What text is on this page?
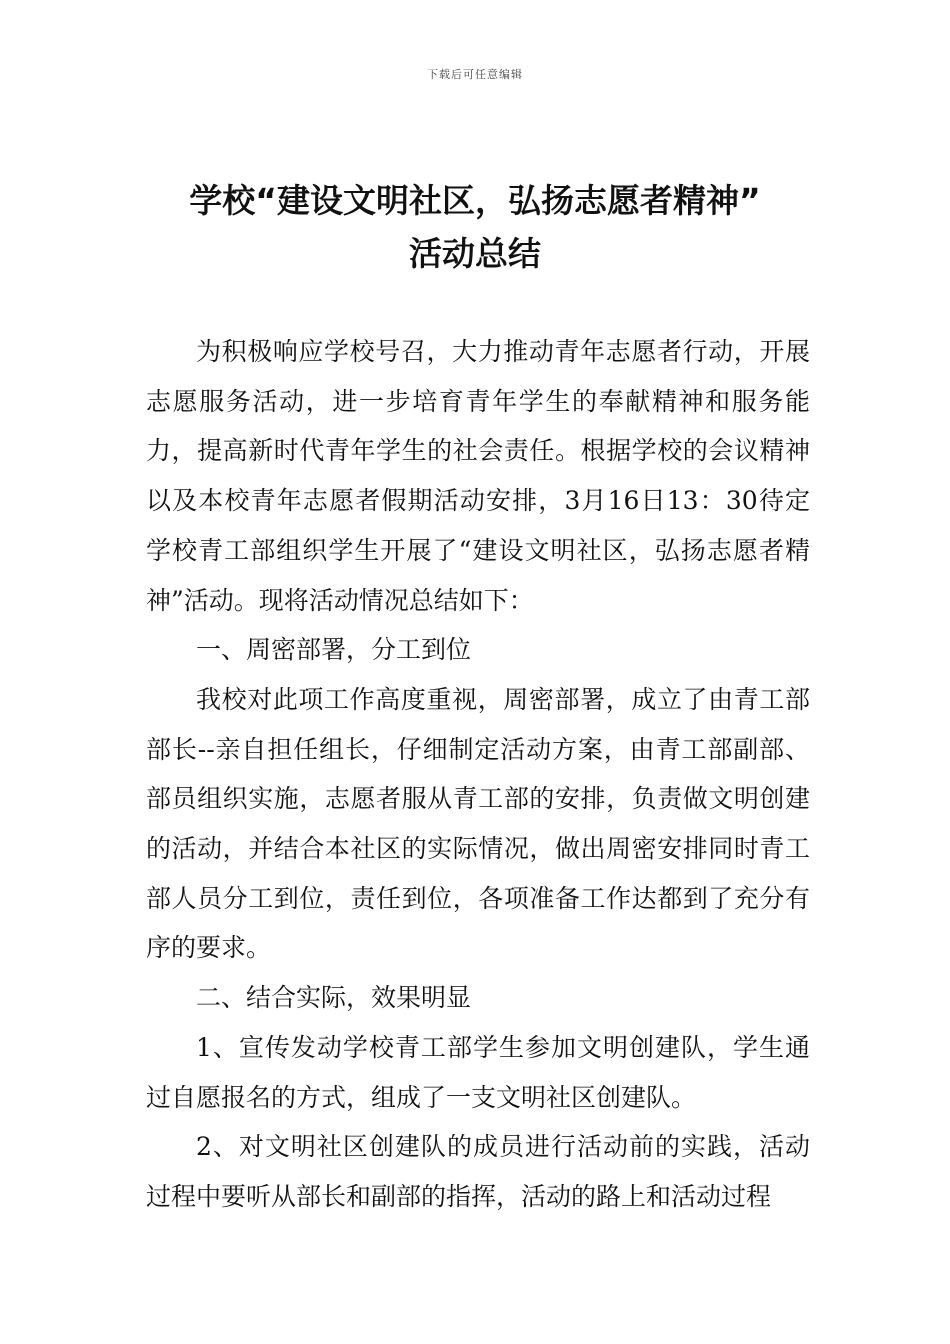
下载后可任意编辑
学校“建设文明社区，弘扬志愿者精神”
活动总结

为积极响应学校号召，大力推动青年志愿者行动，开展志愿服务活动，进一步培育青年学生的奉献精神和服务能力，提高新时代青年学生的社会责任。根据学校的会议精神以及本校青年志愿者假期活动安排，3月16日13：30待定 学校青工部组织学生开展了“建设文明社区，弘扬志愿者精神”活动。现将活动情况总结如下：

一、周密部署，分工到位

我校对此项工作高度重视，周密部署，成立了由青工部部长--亲自担任组长，仔细制定活动方案，由青工部副部、部员组织实施，志愿者服从青工部的安排，负责做文明创建的活动，并结合本社区的实际情况，做出周密安排同时青工部人员分工到位，责任到位，各项准备工作达都到了充分有序的要求。

二、结合实际，效果明显

1、宣传发动学校青工部学生参加文明创建队，学生通过自愿报名的方式，组成了一支文明社区创建队。

2、对文明社区创建队的成员进行活动前的实践，活动过程中要听从部长和副部的指挥，活动的路上和活动过程
